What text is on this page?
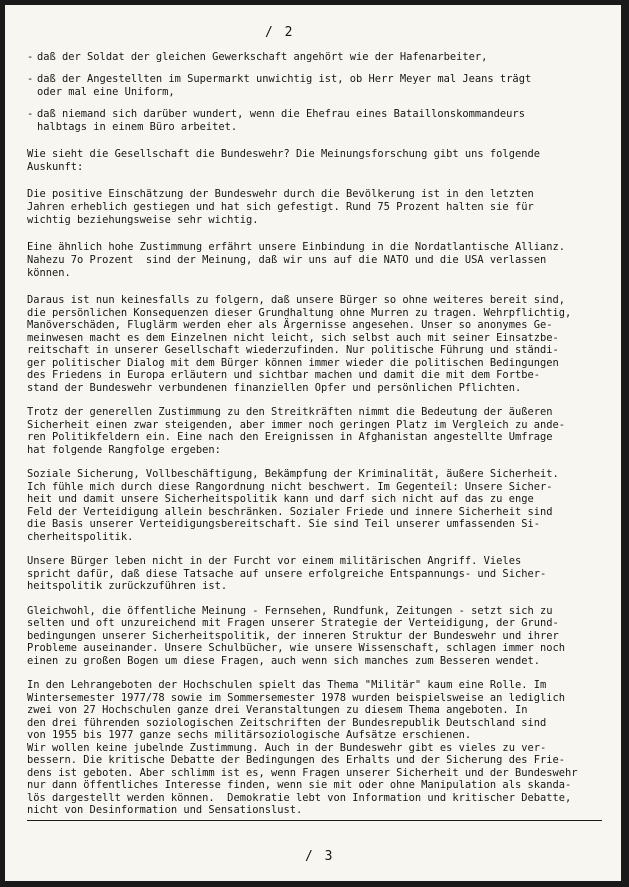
/ 2
- daß der Soldat der gleichen Gewerkschaft angehört wie der Hafenarbeiter,
- daß der Angestellten im Supermarkt unwichtig ist, ob Herr Meyer mal Jeans trägt
oder mal eine Uniform,
- daß niemand sich darüber wundert, wenn die Ehefrau eines Bataillonskommandeurs
halbtags in einem Büro arbeitet.

Wie sieht die Gesellschaft die Bundeswehr? Die Meinungsforschung gibt uns folgende
Auskunft:

Die positive Einschätzung der Bundeswehr durch die Bevölkerung ist in den letzten
Jahren erheblich gestiegen und hat sich gefestigt. Rund 75 Prozent halten sie für
wichtig beziehungsweise sehr wichtig.

Eine ähnlich hohe Zustimmung erfährt unsere Einbindung in die Nordatlantische Allianz.
Nahezu 7o Prozent  sind der Meinung, daß wir uns auf die NATO und die USA verlassen
können.

Daraus ist nun keinesfalls zu folgern, daß unsere Bürger so ohne weiteres bereit sind,
die persönlichen Konsequenzen dieser Grundhaltung ohne Murren zu tragen. Wehrpflichtig,
Manöverschäden, Fluglärm werden eher als Ärgernisse angesehen. Unser so anonymes Ge-
meinwesen macht es dem Einzelnen nicht leicht, sich selbst auch mit seiner Einsatzbe-
reitschaft in unserer Gesellschaft wiederzufinden. Nur politische Führung und ständi-
ger politischer Dialog mit dem Bürger können immer wieder die politischen Bedingungen
des Friedens in Europa erläutern und sichtbar machen und damit die mit dem Fortbe-
stand der Bundeswehr verbundenen finanziellen Opfer und persönlichen Pflichten.

Trotz der generellen Zustimmung zu den Streitkräften nimmt die Bedeutung der äußeren
Sicherheit einen zwar steigenden, aber immer noch geringen Platz im Vergleich zu ande-
ren Politikfeldern ein. Eine nach den Ereignissen in Afghanistan angestellte Umfrage
hat folgende Rangfolge ergeben:

Soziale Sicherung, Vollbeschäftigung, Bekämpfung der Kriminalität, äußere Sicherheit.
Ich fühle mich durch diese Rangordnung nicht beschwert. Im Gegenteil: Unsere Sicher-
heit und damit unsere Sicherheitspolitik kann und darf sich nicht auf das zu enge
Feld der Verteidigung allein beschränken. Sozialer Friede und innere Sicherheit sind
die Basis unserer Verteidigungsbereitschaft. Sie sind Teil unserer umfassenden Si-
cherheitspolitik.

Unsere Bürger leben nicht in der Furcht vor einem militärischen Angriff. Vieles
spricht dafür, daß diese Tatsache auf unsere erfolgreiche Entspannungs- und Sicher-
heitspolitik zurückzuführen ist.

Gleichwohl, die öffentliche Meinung - Fernsehen, Rundfunk, Zeitungen - setzt sich zu
selten und oft unzureichend mit Fragen unserer Strategie der Verteidigung, der Grund-
bedingungen unserer Sicherheitspolitik, der inneren Struktur der Bundeswehr und ihrer
Probleme auseinander. Unsere Schulbücher, wie unsere Wissenschaft, schlagen immer noch
einen zu großen Bogen um diese Fragen, auch wenn sich manches zum Besseren wendet.

In den Lehrangeboten der Hochschulen spielt das Thema "Militär" kaum eine Rolle. Im
Wintersemester 1977/78 sowie im Sommersemester 1978 wurden beispielsweise an lediglich
zwei von 27 Hochschulen ganze drei Veranstaltungen zu diesem Thema angeboten. In
den drei führenden soziologischen Zeitschriften der Bundesrepublik Deutschland sind
von 1955 bis 1977 ganze sechs militärsoziologische Aufsätze erschienen.
Wir wollen keine jubelnde Zustimmung. Auch in der Bundeswehr gibt es vieles zu ver-
bessern. Die kritische Debatte der Bedingungen des Erhalts und der Sicherung des Frie-
dens ist geboten. Aber schlimm ist es, wenn Fragen unserer Sicherheit und der Bundeswehr
nur dann öffentliches Interesse finden, wenn sie mit oder ohne Manipulation als skanda-
lös dargestellt werden können.  Demokratie lebt von Information und kritischer Debatte,
nicht von Desinformation und Sensationslust.

/ 3
